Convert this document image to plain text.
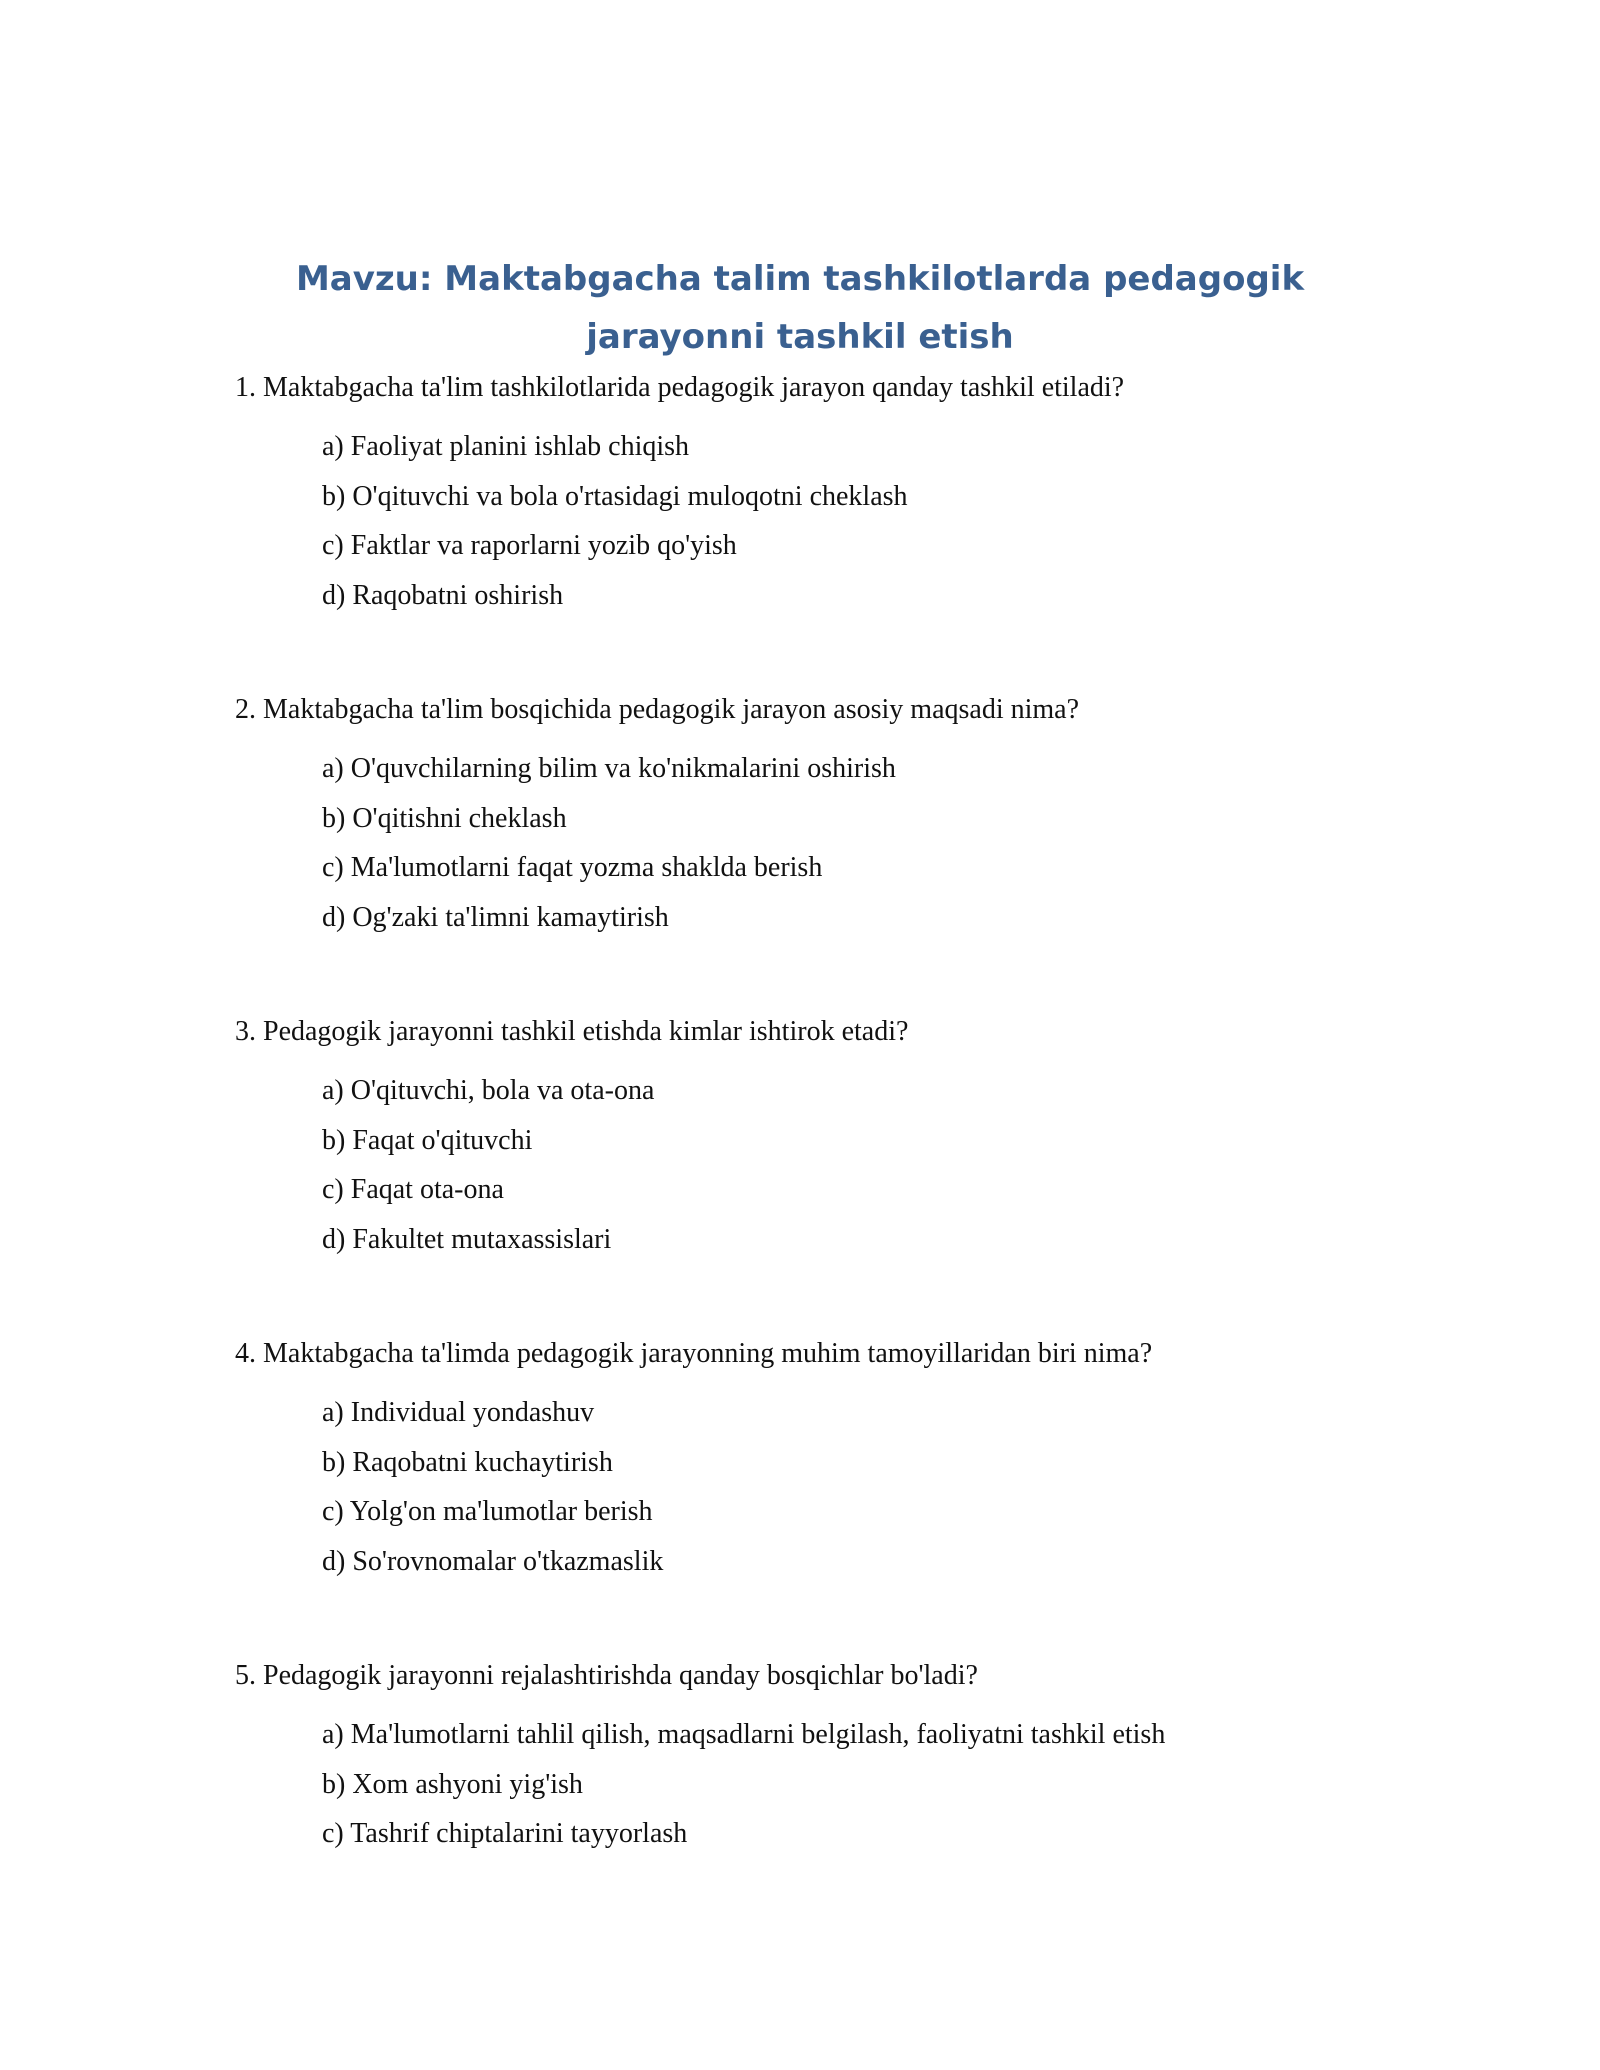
Mavzu: Maktabgacha talim tashkilotlarda pedagogik jarayonni tashkil etish

1. Maktabgacha ta'lim tashkilotlarida pedagogik jarayon qanday tashkil etiladi?

a) Faoliyat planini ishlab chiqish
b) O'qituvchi va bola o'rtasidagi muloqotni cheklash
c) Faktlar va raporlarni yozib qo'yish
d) Raqobatni oshirish

2. Maktabgacha ta'lim bosqichida pedagogik jarayon asosiy maqsadi nima?

a) O'quvchilarning bilim va ko'nikmalarini oshirish
b) O'qitishni cheklash
c) Ma'lumotlarni faqat yozma shaklda berish
d) Og'zaki ta'limni kamaytirish

3. Pedagogik jarayonni tashkil etishda kimlar ishtirok etadi?

a) O'qituvchi, bola va ota-ona
b) Faqat o'qituvchi
c) Faqat ota-ona
d) Fakultet mutaxassislari

4. Maktabgacha ta'limda pedagogik jarayonning muhim tamoyillaridan biri nima?

a) Individual yondashuv
b) Raqobatni kuchaytirish
c) Yolg'on ma'lumotlar berish
d) So'rovnomalar o'tkazmaslik

5. Pedagogik jarayonni rejalashtirishda qanday bosqichlar bo'ladi?

a) Ma'lumotlarni tahlil qilish, maqsadlarni belgilash, faoliyatni tashkil etish
b) Xom ashyoni yig'ish
c) Tashrif chiptalarini tayyorlash
